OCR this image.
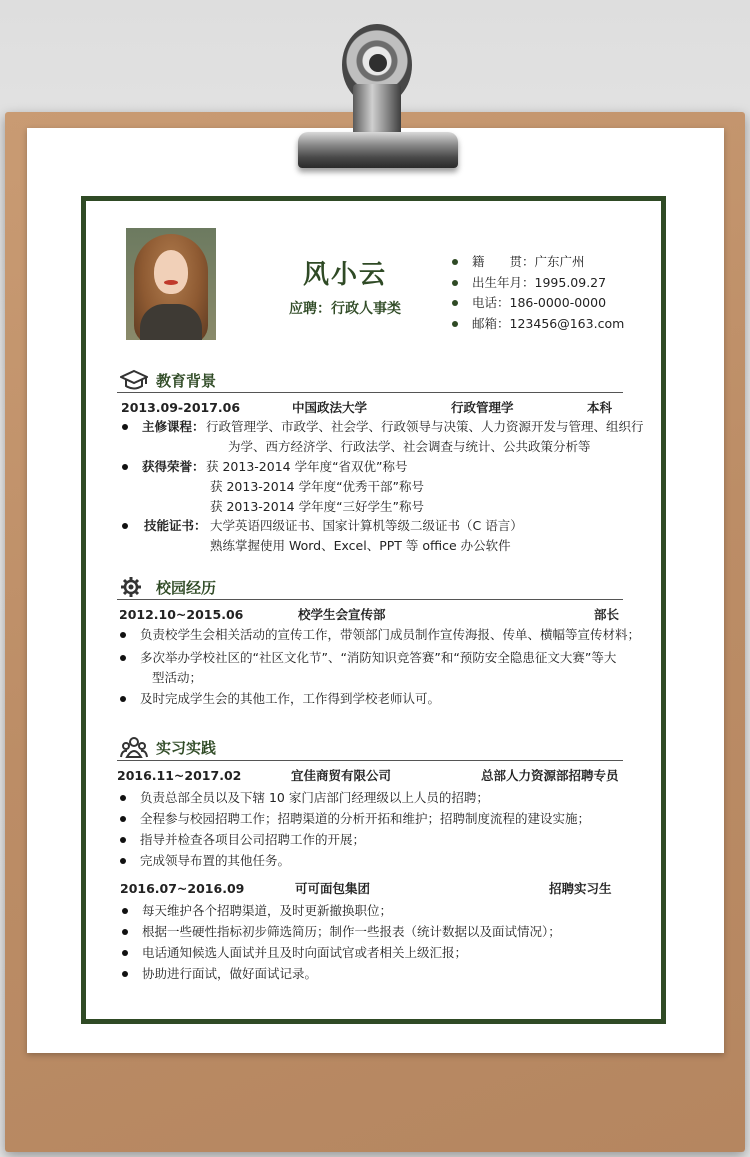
风小云
应聘：行政人事类
籍　　贯： 广东广州
出生年月： 1995.09.27
电话： 186-0000-0000
邮箱： 123456@163.com
教育背景
2013.09-2017.06	中国政法大学	行政管理学	本科
主修课程： 行政管理学、市政学、社会学、行政领导与决策、人力资源开发与管理、组织行
为学、西方经济学、行政法学、社会调查与统计、公共政策分析等
获得荣誉： 获 2013-2014 学年度“省双优”称号
获 2013-2014 学年度“优秀干部”称号
获 2013-2014 学年度“三好学生”称号
技能证书： 大学英语四级证书、国家计算机等级二级证书（C 语言）
熟练掌握使用 Word、Excel、PPT 等 office 办公软件
校园经历
2012.10~2015.06	校学生会宣传部	部长
负责校学生会相关活动的宣传工作，带领部门成员制作宣传海报、传单、横幅等宣传材料；
多次举办学校社区的“社区文化节”、“消防知识竞答赛”和“预防安全隐患征文大赛”等大
型活动；
及时完成学生会的其他工作，工作得到学校老师认可。
实习实践
2016.11~2017.02	宜佳商贸有限公司	总部人力资源部招聘专员
负责总部全员以及下辖 10 家门店部门经理级以上人员的招聘；
全程参与校园招聘工作；招聘渠道的分析开拓和维护；招聘制度流程的建设实施；
指导并检查各项目公司招聘工作的开展；
完成领导布置的其他任务。
2016.07~2016.09	可可面包集团	招聘实习生
每天维护各个招聘渠道，及时更新撤换职位；
根据一些硬性指标初步筛选简历；制作一些报表（统计数据以及面试情况）；
电话通知候选人面试并且及时向面试官或者相关上级汇报；
协助进行面试，做好面试记录。
